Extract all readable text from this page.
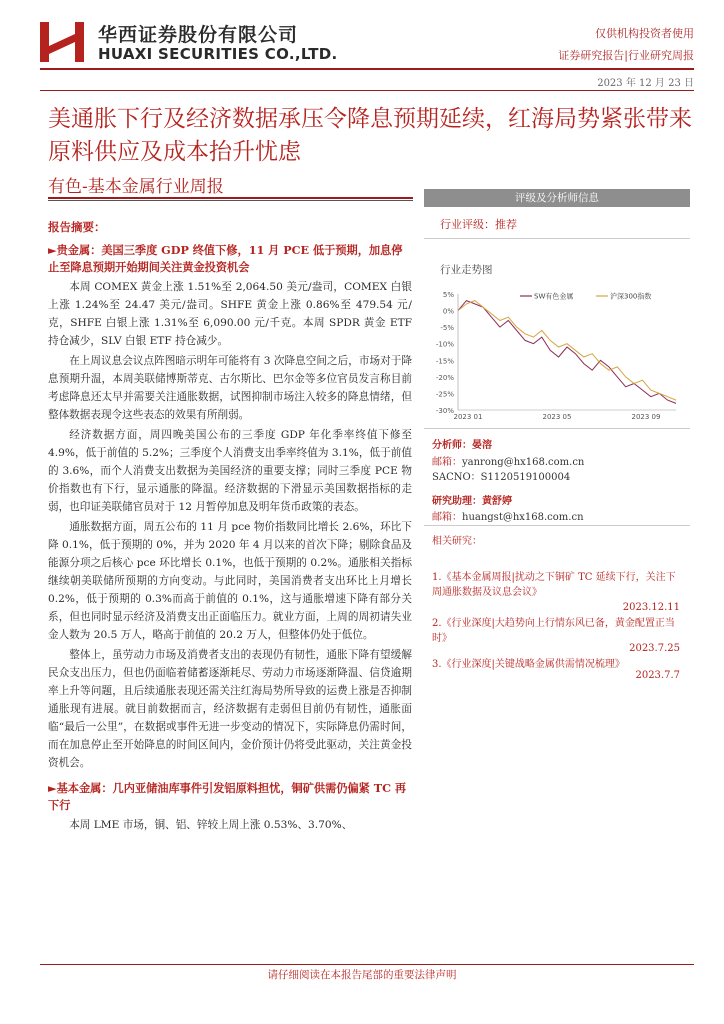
华西证券股份有限公司
HUAXI SECURITIES CO.,LTD.
仅供机构投资者使用
证券研究报告|行业研究周报
2023 年 12 月 23 日
美通胀下行及经济数据承压令降息预期延续，红海局势紧张带来原料供应及成本抬升忧虑
有色-基本金属行业周报
报告摘要：
►贵金属：美国三季度 GDP 终值下修，11 月 PCE 低于预期，加息停止至降息预期开始期间关注黄金投资机会

本周 COMEX 黄金上涨 1.51%至 2,064.50 美元/盎司，COMEX 白银上涨 1.24%至 24.47 美元/盎司。SHFE 黄金上涨 0.86%至 479.54 元/克，SHFE 白银上涨 1.31%至 6,090.00 元/千克。本周 SPDR 黄金 ETF 持仓减少，SLV 白银 ETF 持仓减少。

在上周议息会议点阵图暗示明年可能将有 3 次降息空间之后，市场对于降息预期升温，本周美联储博斯蒂克、古尔斯比、巴尔金等多位官员发言称目前考虑降息还太早并需要关注通胀数据，试图抑制市场注入较多的降息情绪，但整体数据表现令这些表态的效果有所削弱。

经济数据方面，周四晚美国公布的三季度 GDP 年化季率终值下修至 4.9%，低于前值的 5.2%；三季度个人消费支出季率终值为 3.1%，低于前值的 3.6%，而个人消费支出数据为美国经济的重要支撑；同时三季度 PCE 物价指数也有下行，显示通胀的降温。经济数据的下滑显示美国数据指标的走弱，也印证美联储官员对于 12 月暂停加息及明年货币政策的表态。

通胀数据方面，周五公布的 11 月 pce 物价指数同比增长 2.6%，环比下降 0.1%，低于预期的 0%，并为 2020 年 4 月以来的首次下降；剔除食品及能源分项之后核心 pce 环比增长 0.1%，也低于预期的 0.2%。通胀相关指标继续朝美联储所预期的方向变动。与此同时，美国消费者支出环比上月增长 0.2%，低于预期的 0.3%而高于前值的 0.1%，这与通胀增速下降有部分关系，但也同时显示经济及消费支出正面临压力。就业方面，上周的周初请失业金人数为 20.5 万人，略高于前值的 20.2 万人，但整体仍处于低位。

整体上，虽劳动力市场及消费者支出的表现仍有韧性，通胀下降有望缓解民众支出压力，但也仍面临着储蓄逐渐耗尽、劳动力市场逐渐降温、信贷逾期率上升等问题，且后续通胀表现还需关注红海局势所导致的运费上涨是否抑制通胀现有进展。就目前数据而言，经济数据有走弱但目前仍有韧性，通胀面临“最后一公里”，在数据或事件无进一步变动的情况下，实际降息仍需时间，而在加息停止至开始降息的时间区间内，金价预计仍将受此驱动，关注黄金投资机会。

►基本金属：几内亚储油库事件引发铝原料担忧，铜矿供需仍偏紧 TC 再下行

本周 LME 市场，铜、铝、锌较上周上涨 0.53%、3.70%、

评级及分析师信息
行业评级：推荐
行业走势图
5%
0%
-5%
-10%
-15%
-20%
-25%
-30%
2023 01	2023 05	2023 09
SW有色金属	沪深300指数
分析师：晏溶
邮箱：yanrong@hx168.com.cn
SACNO：S1120519100004
研究助理：黄舒婷
邮箱：huangst@hx168.com.cn
相关研究：
1.《基本金属周报|扰动之下铜矿 TC 延续下行，关注下周通胀数据及议息会议》
2023.12.11
2.《行业深度|大趋势向上行情东风已备，黄金配置正当时》
2023.7.25
3.《行业深度|关键战略金属供需情况梳理》
2023.7.7
请仔细阅读在本报告尾部的重要法律声明
